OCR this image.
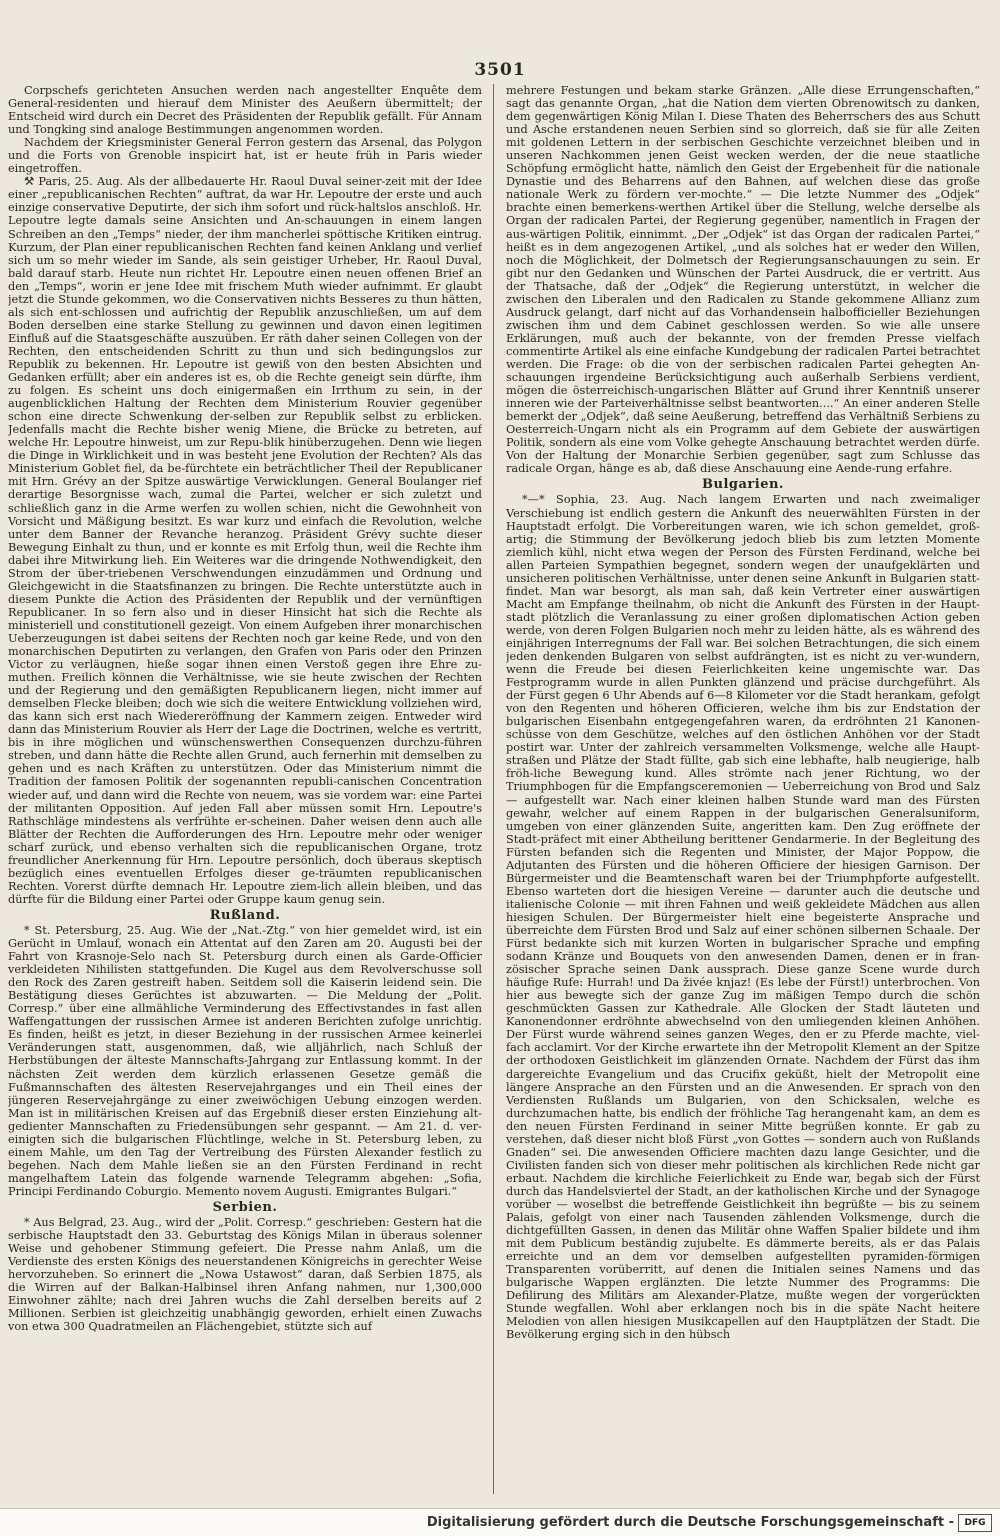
3501

Corpschefs gerichteten Ansuchen werden nach angestellter Enquête dem General-residenten und hierauf dem Minister des Aeußern übermittelt; der Entscheid wird durch ein Decret des Präsidenten der Republik gefällt. Für Annam und Tongking sind analoge Bestimmungen angenommen worden.

Nachdem der Kriegsminister General Ferron gestern das Arsenal, das Polygon und die Forts von Grenoble inspicirt hat, ist er heute früh in Paris wieder eingetroffen.

⚒ Paris, 25. Aug. Als der allbedauerte Hr. Raoul Duval seiner-zeit mit der Idee einer „republicanischen Rechten“ auftrat, da war Hr. Lepoutre der erste und auch einzige conservative Deputirte, der sich ihm sofort und rück-haltslos anschloß. Hr. Lepoutre legte damals seine Ansichten und An-schauungen in einem langen Schreiben an den „Temps“ nieder, der ihm mancherlei spöttische Kritiken eintrug. Kurzum, der Plan einer republicanischen Rechten fand keinen Anklang und verlief sich um so mehr wieder im Sande, als sein geistiger Urheber, Hr. Raoul Duval, bald darauf starb. Heute nun richtet Hr. Lepoutre einen neuen offenen Brief an den „Temps“, worin er jene Idee mit frischem Muth wieder aufnimmt. Er glaubt jetzt die Stunde gekommen, wo die Conservativen nichts Besseres zu thun hätten, als sich ent-schlossen und aufrichtig der Republik anzuschließen, um auf dem Boden derselben eine starke Stellung zu gewinnen und davon einen legitimen Einfluß auf die Staatsgeschäfte auszuüben. Er räth daher seinen Collegen von der Rechten, den entscheidenden Schritt zu thun und sich bedingungslos zur Republik zu bekennen. Hr. Lepoutre ist gewiß von den besten Absichten und Gedanken erfüllt; aber ein anderes ist es, ob die Rechte geneigt sein dürfte, ihm zu folgen. Es scheint uns doch einigermaßen ein Irrthum zu sein, in der augenblicklichen Haltung der Rechten dem Ministerium Rouvier gegenüber schon eine directe Schwenkung der-selben zur Republik selbst zu erblicken. Jedenfalls macht die Rechte bisher wenig Miene, die Brücke zu betreten, auf welche Hr. Lepoutre hinweist, um zur Repu-blik hinüberzugehen. Denn wie liegen die Dinge in Wirklichkeit und in was besteht jene Evolution der Rechten? Als das Ministerium Goblet fiel, da be-fürchtete ein beträchtlicher Theil der Republicaner mit Hrn. Grévy an der Spitze auswärtige Verwicklungen. General Boulanger rief derartige Besorgnisse wach, zumal die Partei, welcher er sich zuletzt und schließlich ganz in die Arme werfen zu wollen schien, nicht die Gewohnheit von Vorsicht und Mäßigung besitzt. Es war kurz und einfach die Revolution, welche unter dem Banner der Revanche heranzog. Präsident Grévy suchte dieser Bewegung Einhalt zu thun, und er konnte es mit Erfolg thun, weil die Rechte ihm dabei ihre Mitwirkung lieh. Ein Weiteres war die dringende Nothwendigkeit, den Strom der über-triebenen Verschwendungen einzudämmen und Ordnung und Gleichgewicht in die Staatsfinanzen zu bringen. Die Rechte unterstützte auch in diesem Punkte die Action des Präsidenten der Republik und der vernünftigen Republicaner. In so fern also und in dieser Hinsicht hat sich die Rechte als ministeriell und constitutionell gezeigt. Von einem Aufgeben ihrer monarchischen Ueberzeugungen ist dabei seitens der Rechten noch gar keine Rede, und von den monarchischen Deputirten zu verlangen, den Grafen von Paris oder den Prinzen Victor zu verläugnen, hieße sogar ihnen einen Verstoß gegen ihre Ehre zu-muthen. Freilich können die Verhältnisse, wie sie heute zwischen der Rechten und der Regierung und den gemäßigten Republicanern liegen, nicht immer auf demselben Flecke bleiben; doch wie sich die weitere Entwicklung vollziehen wird, das kann sich erst nach Wiedereröffnung der Kammern zeigen. Entweder wird dann das Ministerium Rouvier als Herr der Lage die Doctrinen, welche es vertritt, bis in ihre möglichen und wünschenswerthen Consequenzen durchzu-führen streben, und dann hätte die Rechte allen Grund, auch fernerhin mit demselben zu gehen und es nach Kräften zu unterstützen. Oder das Ministerium nimmt die Tradition der famosen Politik der sogenannten republi-canischen Concentration wieder auf, und dann wird die Rechte von neuem, was sie vordem war: eine Partei der militanten Opposition. Auf jeden Fall aber müssen somit Hrn. Lepoutre's Rathschläge mindestens als verfrühte er-scheinen. Daher weisen denn auch alle Blätter der Rechten die Aufforderungen des Hrn. Lepoutre mehr oder weniger scharf zurück, und ebenso verhalten sich die republicanischen Organe, trotz freundlicher Anerkennung für Hrn. Lepoutre persönlich, doch überaus skeptisch bezüglich eines eventuellen Erfolges dieser ge-träumten republicanischen Rechten. Vorerst dürfte demnach Hr. Lepoutre ziem-lich allein bleiben, und das dürfte für die Bildung einer Partei oder Gruppe kaum genug sein.

Rußland.

* St. Petersburg, 25. Aug. Wie der „Nat.-Ztg.“ von hier gemeldet wird, ist ein Gerücht in Umlauf, wonach ein Attentat auf den Zaren am 20. Augusti bei der Fahrt von Krasnoje-Selo nach St. Petersburg durch einen als Garde-Officier verkleideten Nihilisten stattgefunden. Die Kugel aus dem Revolverschusse soll den Rock des Zaren gestreift haben. Seitdem soll die Kaiserin leidend sein. Die Bestätigung dieses Gerüchtes ist abzuwarten. — Die Meldung der „Polit. Corresp.“ über eine allmähliche Verminderung des Effectivstandes in fast allen Waffengattungen der russischen Armee ist anderen Berichten zufolge unrichtig. Es finden, heißt es jetzt, in dieser Beziehung in der russischen Armee keinerlei Veränderungen statt, ausgenommen, daß, wie alljährlich, nach Schluß der Herbstübungen der älteste Mannschafts-Jahrgang zur Entlassung kommt. In der nächsten Zeit werden dem kürzlich erlassenen Gesetze gemäß die Fußmannschaften des ältesten Reservejahrganges und ein Theil eines der jüngeren Reservejahrgänge zu einer zweiwöchigen Uebung einzogen werden. Man ist in militärischen Kreisen auf das Ergebniß dieser ersten Einziehung alt-gedienter Mannschaften zu Friedensübungen sehr gespannt. — Am 21. d. ver-einigten sich die bulgarischen Flüchtlinge, welche in St. Petersburg leben, zu einem Mahle, um den Tag der Vertreibung des Fürsten Alexander festlich zu begehen. Nach dem Mahle ließen sie an den Fürsten Ferdinand in recht mangelhaftem Latein das folgende warnende Telegramm abgehen: „Sofia, Principi Ferdinando Coburgio. Memento novem Augusti. Emigrantes Bulgari.“

Serbien.

* Aus Belgrad, 23. Aug., wird der „Polit. Corresp.“ geschrieben: Gestern hat die serbische Hauptstadt den 33. Geburtstag des Königs Milan in überaus solenner Weise und gehobener Stimmung gefeiert. Die Presse nahm Anlaß, um die Verdienste des ersten Königs des neuerstandenen Königreichs in gerechter Weise hervorzuheben. So erinnert die „Nowa Ustawost“ daran, daß Serbien 1875, als die Wirren auf der Balkan-Halbinsel ihren Anfang nahmen, nur 1,300,000 Einwohner zählte; nach drei Jahren wuchs die Zahl derselben bereits auf 2 Millionen. Serbien ist gleichzeitig unabhängig geworden, erhielt einen Zuwachs von etwa 300 Quadratmeilen an Flächengebiet, stützte sich auf

mehrere Festungen und bekam starke Gränzen. „Alle diese Errungenschaften,“ sagt das genannte Organ, „hat die Nation dem vierten Obrenowitsch zu danken, dem gegenwärtigen König Milan I. Diese Thaten des Beherrschers des aus Schutt und Asche erstandenen neuen Serbien sind so glorreich, daß sie für alle Zeiten mit goldenen Lettern in der serbischen Geschichte verzeichnet bleiben und in unseren Nachkommen jenen Geist wecken werden, der die neue staatliche Schöpfung ermöglicht hatte, nämlich den Geist der Ergebenheit für die nationale Dynastie und des Beharrens auf den Bahnen, auf welchen diese das große nationale Werk zu fördern ver-mochte.“ — Die letzte Nummer des „Odjek“ brachte einen bemerkens-werthen Artikel über die Stellung, welche derselbe als Organ der radicalen Partei, der Regierung gegenüber, namentlich in Fragen der aus-wärtigen Politik, einnimmt. „Der „Odjek“ ist das Organ der radicalen Partei,“ heißt es in dem angezogenen Artikel, „und als solches hat er weder den Willen, noch die Möglichkeit, der Dolmetsch der Regierungsanschauungen zu sein. Er gibt nur den Gedanken und Wünschen der Partei Ausdruck, die er vertritt. Aus der Thatsache, daß der „Odjek“ die Regierung unterstützt, in welcher die zwischen den Liberalen und den Radicalen zu Stande gekommene Allianz zum Ausdruck gelangt, darf nicht auf das Vorhandensein halbofficieller Beziehungen zwischen ihm und dem Cabinet geschlossen werden. So wie alle unsere Erklärungen, muß auch der bekannte, von der fremden Presse vielfach commentirte Artikel als eine einfache Kundgebung der radicalen Partei betrachtet werden. Die Frage: ob die von der serbischen radicalen Partei gehegten An-schauungen irgendeine Berücksichtigung auch außerhalb Serbiens verdient, mögen die österreichisch-ungarischen Blätter auf Grund ihrer Kenntniß unserer inneren wie der Parteiverhältnisse selbst beantworten....“ An einer anderen Stelle bemerkt der „Odjek“, daß seine Aeußerung, betreffend das Verhältniß Serbiens zu Oesterreich-Ungarn nicht als ein Programm auf dem Gebiete der auswärtigen Politik, sondern als eine vom Volke gehegte Anschauung betrachtet werden dürfe. Von der Haltung der Monarchie Serbien gegenüber, sagt zum Schlusse das radicale Organ, hänge es ab, daß diese Anschauung eine Aende-rung erfahre.

Bulgarien.

*—* Sophia, 23. Aug. Nach langem Erwarten und nach zweimaliger Verschiebung ist endlich gestern die Ankunft des neuerwählten Fürsten in der Hauptstadt erfolgt. Die Vorbereitungen waren, wie ich schon gemeldet, groß-artig; die Stimmung der Bevölkerung jedoch blieb bis zum letzten Momente ziemlich kühl, nicht etwa wegen der Person des Fürsten Ferdinand, welche bei allen Parteien Sympathien begegnet, sondern wegen der unaufgeklärten und unsicheren politischen Verhältnisse, unter denen seine Ankunft in Bulgarien statt-findet. Man war besorgt, als man sah, daß kein Vertreter einer auswärtigen Macht am Empfange theilnahm, ob nicht die Ankunft des Fürsten in der Haupt-stadt plötzlich die Veranlassung zu einer großen diplomatischen Action geben werde, von deren Folgen Bulgarien noch mehr zu leiden hätte, als es während des einjährigen Interregnums der Fall war. Bei solchen Betrachtungen, die sich einem jeden denkenden Bulgaren von selbst aufdrängten, ist es nicht zu ver-wundern, wenn die Freude bei diesen Feierlichkeiten keine ungemischte war. Das Festprogramm wurde in allen Punkten glänzend und präcise durchgeführt. Als der Fürst gegen 6 Uhr Abends auf 6—8 Kilometer vor die Stadt herankam, gefolgt von den Regenten und höheren Officieren, welche ihm bis zur Endstation der bulgarischen Eisenbahn entgegengefahren waren, da erdröhnten 21 Kanonen-schüsse von dem Geschütze, welches auf den östlichen Anhöhen vor der Stadt postirt war. Unter der zahlreich versammelten Volksmenge, welche alle Haupt-straßen und Plätze der Stadt füllte, gab sich eine lebhafte, halb neugierige, halb fröh-liche Bewegung kund. Alles strömte nach jener Richtung, wo der Triumphbogen für die Empfangsceremonien — Ueberreichung von Brod und Salz — aufgestellt war. Nach einer kleinen halben Stunde ward man des Fürsten gewahr, welcher auf einem Rappen in der bulgarischen Generalsuniform, umgeben von einer glänzenden Suite, angeritten kam. Den Zug eröffnete der Stadt-präfect mit einer Abtheilung berittener Gendarmerie. In der Begleitung des Fürsten befanden sich die Regenten und Minister, der Major Poppow, die Adjutanten des Fürsten und die höheren Officiere der hiesigen Garnison. Der Bürgermeister und die Beamtenschaft waren bei der Triumphpforte aufgestellt. Ebenso warteten dort die hiesigen Vereine — darunter auch die deutsche und italienische Colonie — mit ihren Fahnen und weiß gekleidete Mädchen aus allen hiesigen Schulen. Der Bürgermeister hielt eine begeisterte Ansprache und überreichte dem Fürsten Brod und Salz auf einer schönen silbernen Schaale. Der Fürst bedankte sich mit kurzen Worten in bulgarischer Sprache und empfing sodann Kränze und Bouquets von den anwesenden Damen, denen er in fran-zösischer Sprache seinen Dank aussprach. Diese ganze Scene wurde durch häufige Rufe: Hurrah! und Da živée knjaz! (Es lebe der Fürst!) unterbrochen. Von hier aus bewegte sich der ganze Zug im mäßigen Tempo durch die schön geschmückten Gassen zur Kathedrale. Alle Glocken der Stadt läuteten und Kanonendonner erdröhnte abwechselnd von den umliegenden kleinen Anhöhen. Der Fürst wurde während seines ganzen Weges, den er zu Pferde machte, viel-fach acclamirt. Vor der Kirche erwartete ihn der Metropolit Klement an der Spitze der orthodoxen Geistlichkeit im glänzenden Ornate. Nachdem der Fürst das ihm dargereichte Evangelium und das Crucifix geküßt, hielt der Metropolit eine längere Ansprache an den Fürsten und an die Anwesenden. Er sprach von den Verdiensten Rußlands um Bulgarien, von den Schicksalen, welche es durchzumachen hatte, bis endlich der fröhliche Tag herangenaht kam, an dem es den neuen Fürsten Ferdinand in seiner Mitte begrüßen konnte. Er gab zu verstehen, daß dieser nicht bloß Fürst „von Gottes — sondern auch von Rußlands Gnaden“ sei. Die anwesenden Officiere machten dazu lange Gesichter, und die Civilisten fanden sich von dieser mehr politischen als kirchlichen Rede nicht gar erbaut. Nachdem die kirchliche Feierlichkeit zu Ende war, begab sich der Fürst durch das Handelsviertel der Stadt, an der katholischen Kirche und der Synagoge vorüber — woselbst die betreffende Geistlichkeit ihn begrüßte — bis zu seinem Palais, gefolgt von einer nach Tausenden zählenden Volksmenge, durch die dichtgefüllten Gassen, in denen das Militär ohne Waffen Spalier bildete und ihm mit dem Publicum beständig zujubelte. Es dämmerte bereits, als er das Palais erreichte und an dem vor demselben aufgestellten pyramiden-förmigen Transparenten vorüberritt, auf denen die Initialen seines Namens und das bulgarische Wappen erglänzten. Die letzte Nummer des Programms: Die Defilirung des Militärs am Alexander-Platze, mußte wegen der vorgerückten Stunde wegfallen. Wohl aber erklangen noch bis in die späte Nacht heitere Melodien von allen hiesigen Musikcapellen auf den Hauptplätzen der Stadt. Die Bevölkerung erging sich in den hübsch

Digitalisierung gefördert durch die Deutsche Forschungsgemeinschaft -	DFG
